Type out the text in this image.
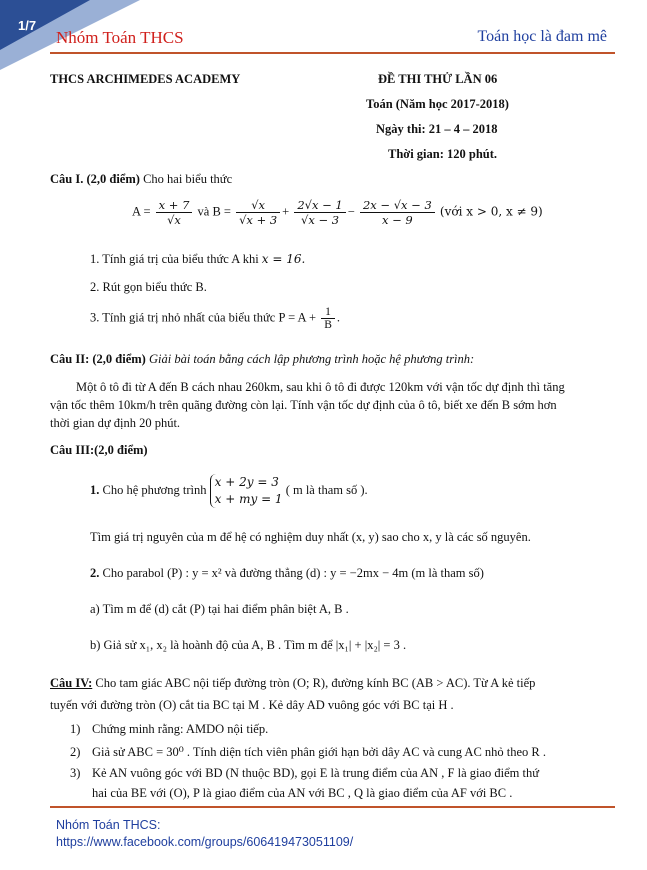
1/7
Nhóm Toán THCS	Toán học là đam mê
THCS ARCHIMEDES ACADEMY	ĐỀ THI THỬ LẦN 06
Toán (Năm học 2017-2018)
Ngày thi: 21 – 4 – 2018
Thời gian: 120 phút.
Câu I. (2,0 điểm) Cho hai biểu thức
$A = \frac{x + 7}{√x}$ và $B = \frac{√x}{√x + 3} + \frac{2√x - 1}{√x - 3} - \frac{2x - √x - 3}{x - 9}$ (với x > 0, x ≠ 9)
1. Tính giá trị của biểu thức A khi x = 16.
2. Rút gọn biểu thức B.
3. Tính giá trị nhỏ nhất của biểu thức $P = A + \frac{1}{B}$ .
Câu II: (2,0 điểm) Giải bài toán bằng cách lập phương trình hoặc hệ phương trình:
Một ô tô đi từ A đến B cách nhau 260km, sau khi ô tô đi được 120km với vận tốc dự định thì tăng
vận tốc thêm 10km/h trên quãng đường còn lại. Tính vận tốc dự định của ô tô, biết xe đến B sớm hơn
thời gian dự định 20 phút.
Câu III:(2,0 điểm)
1. Cho hệ phương trình
x + 2y = 3
x + my = 1
( m là tham số ).
Tìm giá trị nguyên của m để hệ có nghiệm duy nhất (x, y) sao cho x, y là các số nguyên.
2. Cho parabol (P) : y = x² và đường thẳng (d) : y = −2mx − 4m (m là tham số)
a) Tìm m để (d) cắt (P) tại hai điểm phân biệt A, B .
b) Giả sử x₁, x₂ là hoành độ của A, B . Tìm m để |x₁| + |x₂| = 3 .
Câu IV: Cho tam giác ABC nội tiếp đường tròn (O; R), đường kính BC (AB > AC). Từ A kẻ tiếp
tuyến với đường tròn (O) cắt tia BC tại M . Kẻ dây AD vuông góc với BC tại H .
1) Chứng minh rằng: AMDO nội tiếp.
2) Giả sử ABC = 30⁰ . Tính diện tích viên phân giới hạn bởi dây AC và cung AC nhỏ theo R .
3) Kẻ AN vuông góc với BD (N thuộc BD), gọi E là trung điểm của AN , F là giao điểm thứ
hai của BE với (O), P là giao điểm của AN với BC , Q là giao điểm của AF với BC .
Nhóm Toán THCS:
https://www.facebook.com/groups/606419473051109/
